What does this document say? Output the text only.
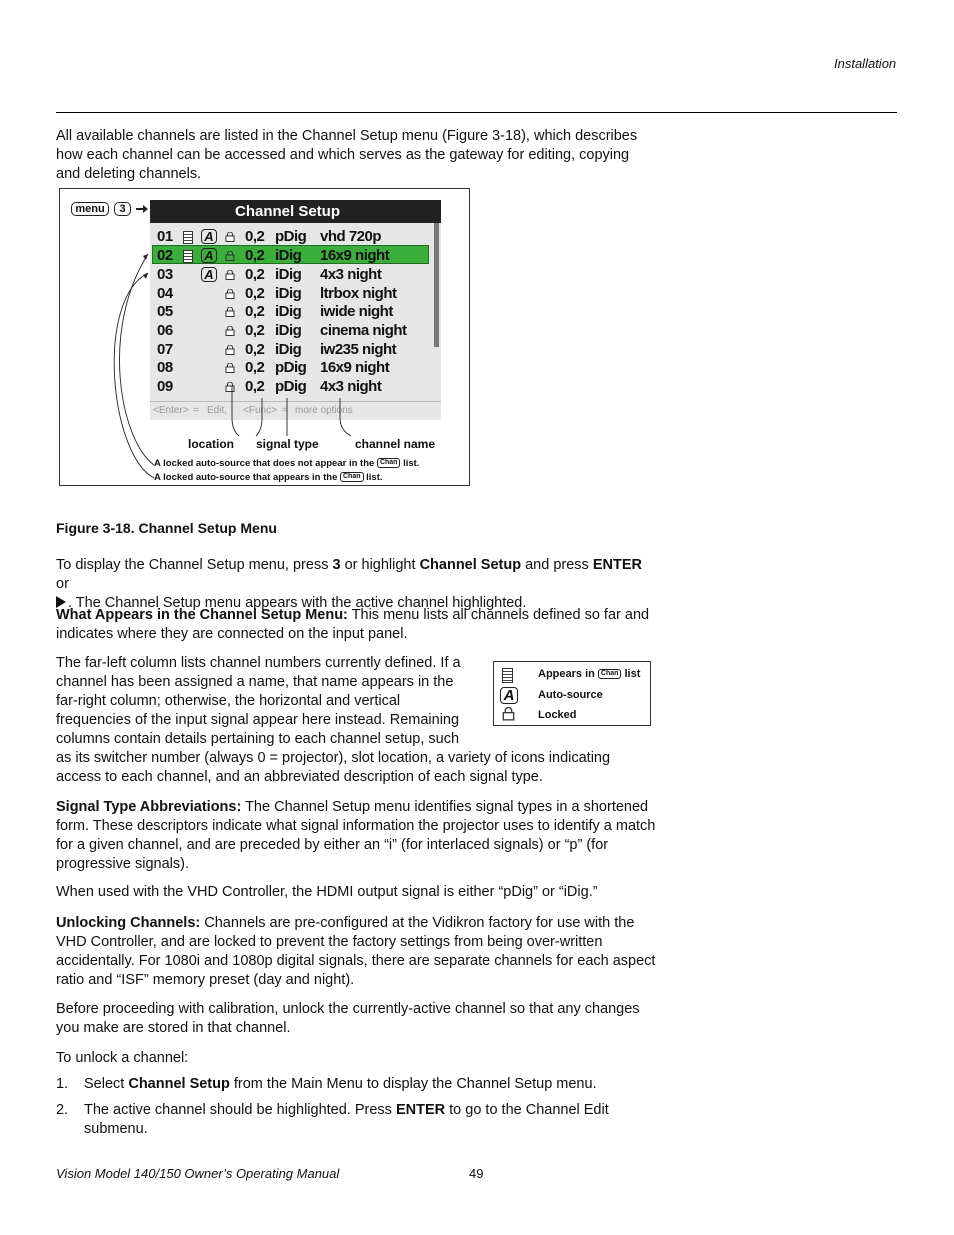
Installation
All available channels are listed in the Channel Setup menu (Figure 3-18), which describes how each channel can be accessed and which serves as the gateway for editing, copying and deleting channels.
menu	3	Channel Setup
01 A 0,2 pDig vhd 720p
02 A 0,2 iDig 16x9 night
03 A 0,2 iDig 4x3 night
04	0,2 iDig ltrbox night
05	0,2 iDig iwide night
06	0,2 iDig cinema night
07	0,2 iDig iw235 night
08	0,2 pDig 16x9 night
09	0,2 pDig 4x3 night
<Enter> = Edit, <Func> = more options
location signal type	channel name
A locked auto-source that does not appear in the Chan list.
A locked auto-source that appears in the Chan list.
Figure 3-18. Channel Setup Menu
To display the Channel Setup menu, press 3 or highlight Channel Setup and press ENTER or
. The Channel Setup menu appears with the active channel highlighted.
What Appears in the Channel Setup Menu: This menu lists all channels defined so far and indicates where they are connected on the input panel.
The far-left column lists channel numbers currently defined. If a
channel has been assigned a name, that name appears in the
far-right column; otherwise, the horizontal and vertical
frequencies of the input signal appear here instead. Remaining
columns contain details pertaining to each channel setup, such
as its switcher number (always 0 = projector), slot location, a variety of icons indicating access to each channel, and an abbreviated description of each signal type.
Appears in Chan list
A	Auto-source
Locked
Signal Type Abbreviations: The Channel Setup menu identifies signal types in a shortened form. These descriptors indicate what signal information the projector uses to identify a match for a given channel, and are preceded by either an “i” (for interlaced signals) or “p” (for progressive signals).
When used with the VHD Controller, the HDMI output signal is either “pDig” or “iDig.”
Unlocking Channels: Channels are pre-configured at the Vidikron factory for use with the VHD Controller, and are locked to prevent the factory settings from being over-written accidentally. For 1080i and 1080p digital signals, there are separate channels for each aspect ratio and “ISF” memory preset (day and night).
Before proceeding with calibration, unlock the currently-active channel so that any changes you make are stored in that channel.
To unlock a channel:
1. Select Channel Setup from the Main Menu to display the Channel Setup menu.
2. The active channel should be highlighted. Press ENTER to go to the Channel Edit submenu.
Vision Model 140/150 Owner’s Operating Manual	49
